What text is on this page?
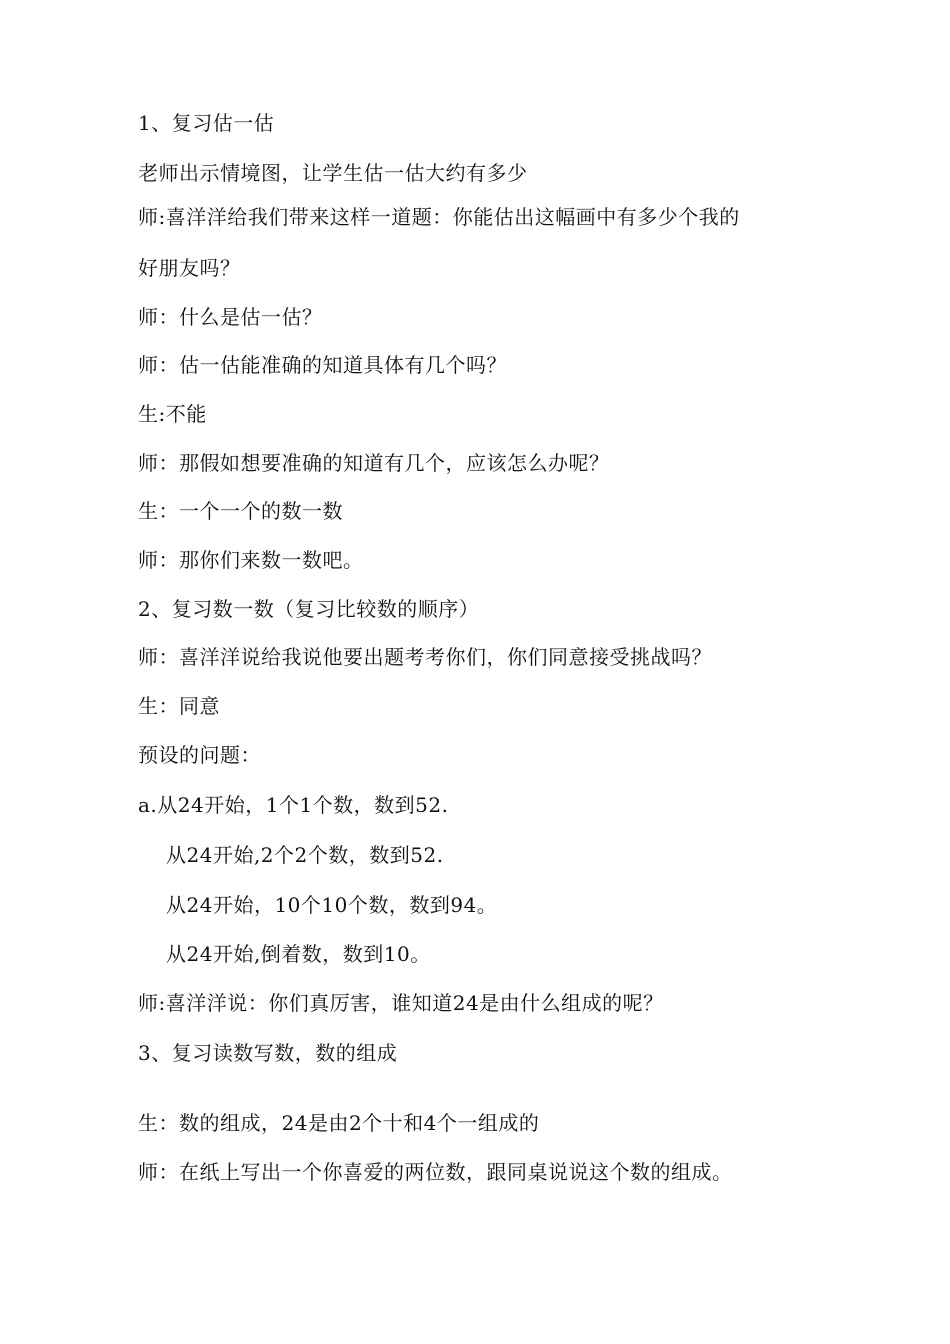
1、复习估一估
老师出示情境图，让学生估一估大约有多少
师:喜洋洋给我们带来这样一道题：你能估出这幅画中有多少个我的
好朋友吗？
师：什么是估一估？
师：估一估能准确的知道具体有几个吗？
生:不能
师：那假如想要准确的知道有几个，应该怎么办呢？
生：一个一个的数一数
师：那你们来数一数吧。
2、复习数一数（复习比较数的顺序）
师：喜洋洋说给我说他要出题考考你们，你们同意接受挑战吗？
生：同意
预设的问题：
a.从24开始，1个1个数，数到52.
从24开始,2个2个数，数到52.
从24开始，10个10个数，数到94。
从24开始,倒着数，数到10。
师:喜洋洋说：你们真厉害，谁知道24是由什么组成的呢？
3、复习读数写数，数的组成
生：数的组成，24是由2个十和4个一组成的
师：在纸上写出一个你喜爱的两位数，跟同桌说说这个数的组成。
